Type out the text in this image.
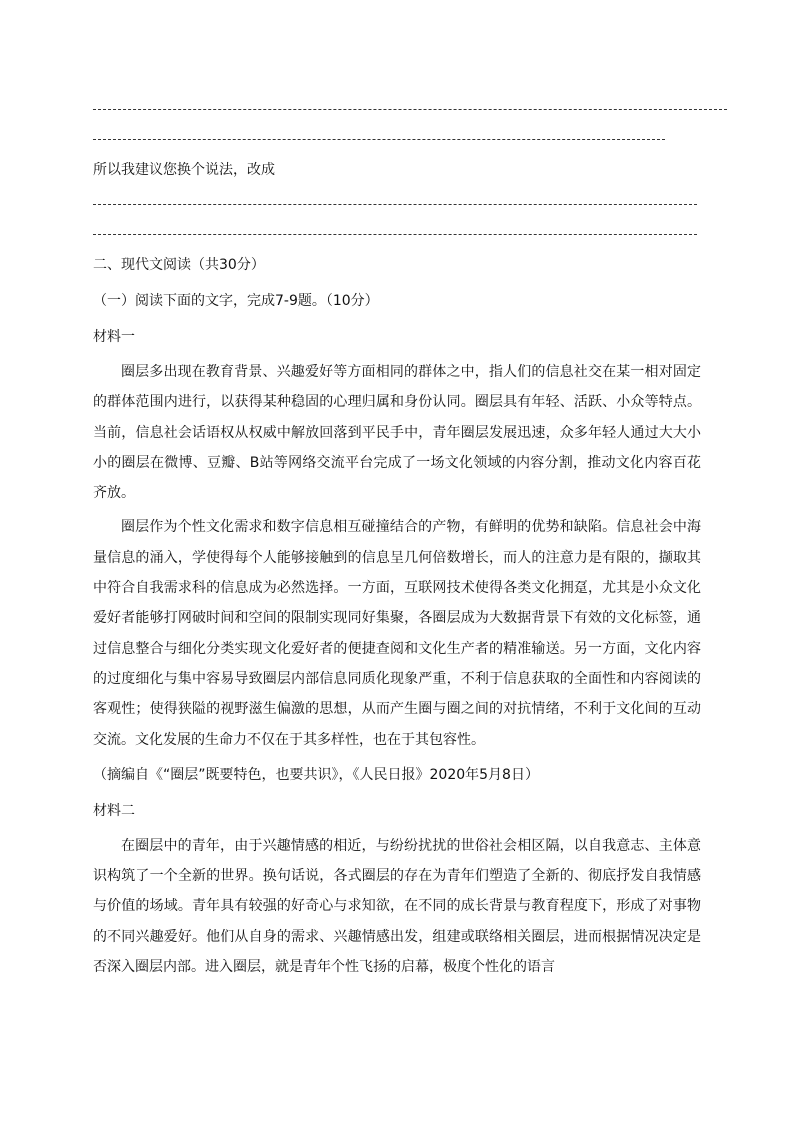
所以我建议您换个说法，改成
二、现代文阅读（共30分）
（一）阅读下面的文字，完成7-9题。（10分）
材料一

圈层多出现在教育背景、兴趣爱好等方面相同的群体之中，指人们的信息社交在某一相对固定的群体范围内进行，以获得某种稳固的心理归属和身份认同。圈层具有年轻、活跃、小众等特点。当前，信息社会话语权从权威中解放回落到平民手中，青年圈层发展迅速，众多年轻人通过大大小小的圈层在微博、豆瓣、B站等网络交流平台完成了一场文化领域的内容分割，推动文化内容百花齐放。

圈层作为个性文化需求和数字信息相互碰撞结合的产物，有鲜明的优势和缺陷。信息社会中海量信息的涌入，学使得每个人能够接触到的信息呈几何倍数增长，而人的注意力是有限的，撷取其中符合自我需求科的信息成为必然选择。一方面，互联网技术使得各类文化拥趸，尤其是小众文化爱好者能够打网破时间和空间的限制实现同好集聚，各圈层成为大数据背景下有效的文化标签，通过信息整合与细化分类实现文化爱好者的便捷查阅和文化生产者的精准输送。另一方面，文化内容的过度细化与集中容易导致圈层内部信息同质化现象严重，不利于信息获取的全面性和内容阅读的客观性；使得狭隘的视野滋生偏激的思想，从而产生圈与圈之间的对抗情绪，不利于文化间的互动交流。文化发展的生命力不仅在于其多样性，也在于其包容性。

（摘编自《“圈层”既要特色，也要共识》，《人民日报》2020年5月8日）
材料二

在圈层中的青年，由于兴趣情感的相近，与纷纷扰扰的世俗社会相区隔，以自我意志、主体意识构筑了一个全新的世界。换句话说，各式圈层的存在为青年们塑造了全新的、彻底抒发自我情感与价值的场域。青年具有较强的好奇心与求知欲，在不同的成长背景与教育程度下，形成了对事物的不同兴趣爱好。他们从自身的需求、兴趣情感出发，组建或联络相关圈层，进而根据情况决定是否深入圈层内部。进入圈层，就是青年个性飞扬的启幕，极度个性化的语言
